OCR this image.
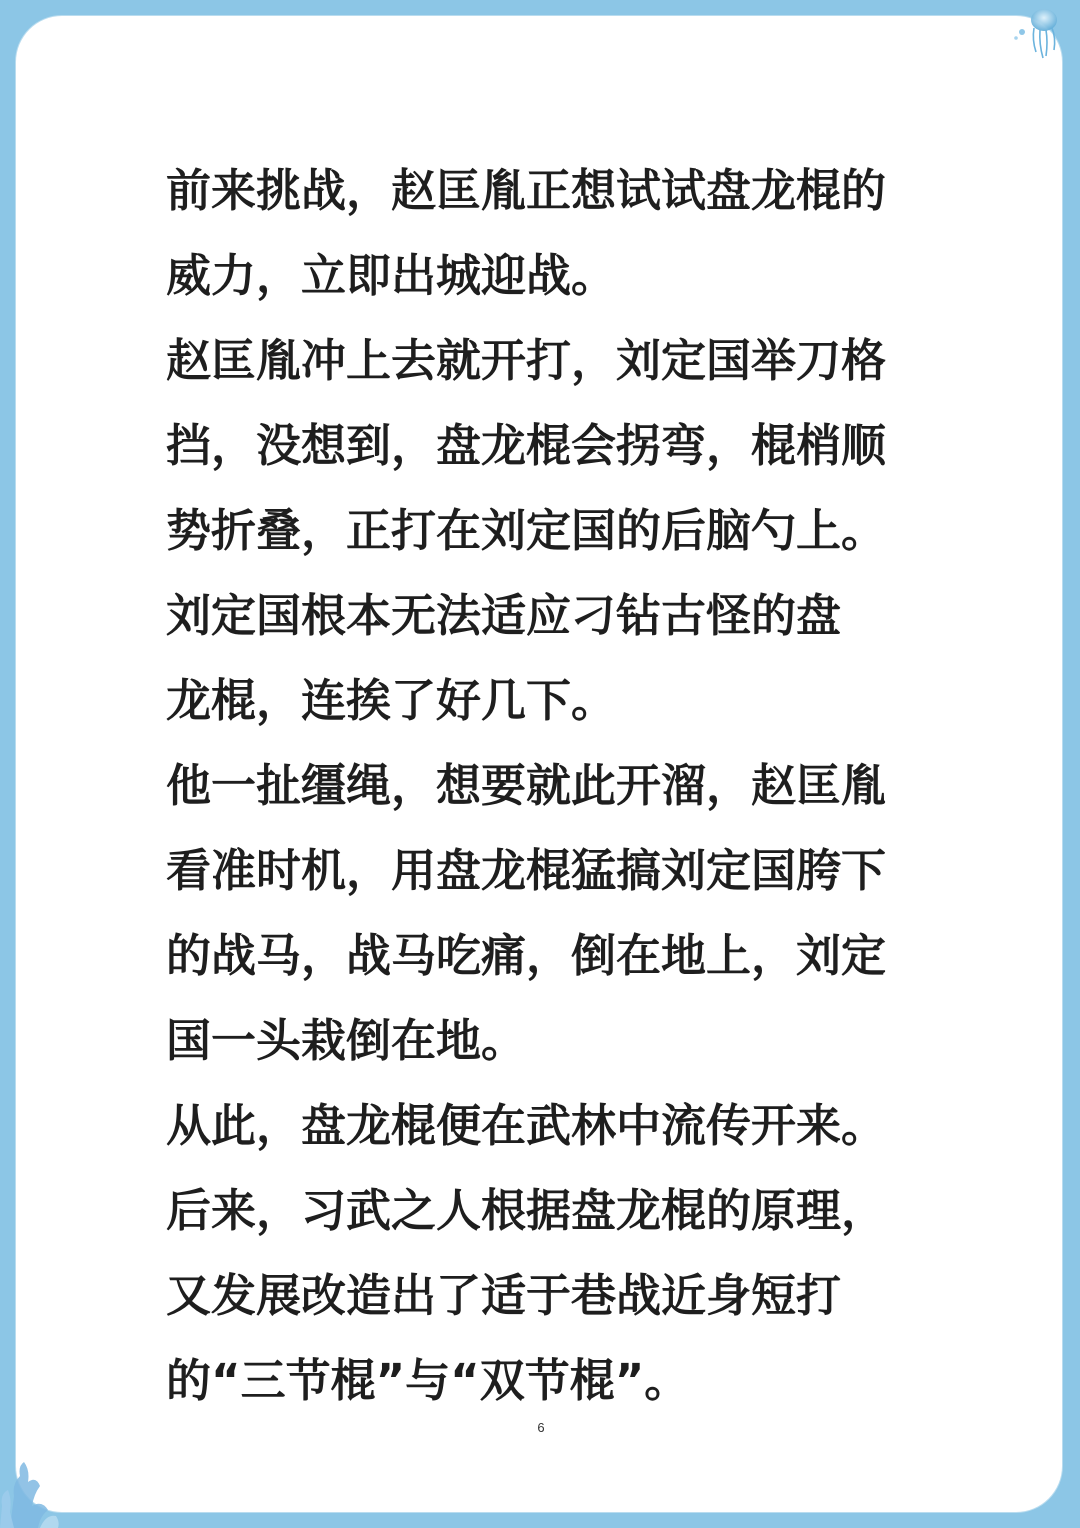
前来挑战，赵匡胤正想试试盘龙棍的
威力，立即出城迎战。
赵匡胤冲上去就开打，刘定国举刀格
挡，没想到，盘龙棍会拐弯，棍梢顺
势折叠，正打在刘定国的后脑勺上。
刘定国根本无法适应刁钻古怪的盘
龙棍，连挨了好几下。
他一扯缰绳，想要就此开溜，赵匡胤
看准时机，用盘龙棍猛搞刘定国胯下
的战马，战马吃痛，倒在地上，刘定
国一头栽倒在地。
从此，盘龙棍便在武林中流传开来。
后来，习武之人根据盘龙棍的原理，
又发展改造出了适于巷战近身短打
的“三节棍”与“双节棍”。
6
